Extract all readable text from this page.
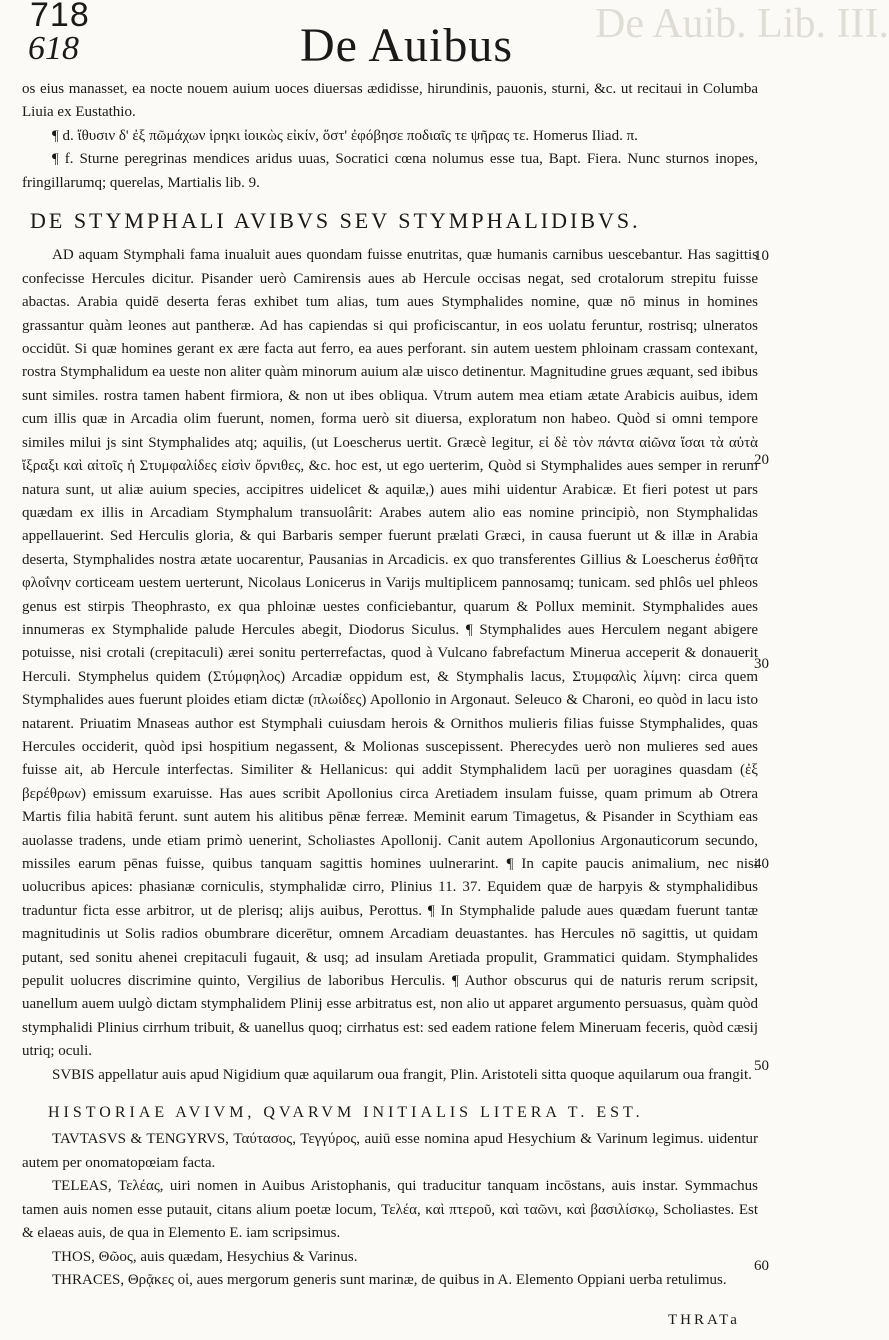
De Auib. Lib. III.
718
618	De Auibus

os eius manasset, ea nocte nouem auium uoces diuersas ædidisse, hirundinis, pauonis, sturni, &c. ut recitaui in Columba Liuia ex Eustathio.

¶ d. ἴθυσιν δ' ἐξ πῶμάχων ἰρηκι ἰοικὼς εἰκίν, ὅστ' ἐφόβησε ποδιαῖς τε ψῆρας τε. Homerus Iliad. π.

¶ f. Sturne peregrinas mendices aridus uuas, Socratici cœna nolumus esse tua, Bapt. Fiera. Nunc sturnos inopes, fringillarumq; querelas, Martialis lib. 9.

DE STYMPHALI AVIBVS SEV STYMPHALIDIBVS.

AD aquam Stymphali fama inualuit aues quondam fuisse enutritas, quæ humanis carnibus uescebantur. Has sagittis confecisse Hercules dicitur. Pisander uerò Camirensis aues ab Hercule occisas negat, sed crotalorum strepitu fuisse abactas. Arabia quidē deserta feras exhibet tum alias, tum aues Stymphalides nomine, quæ nō minus in homines grassantur quàm leones aut pantheræ. Ad has capiendas si qui proficiscantur, in eos uolatu feruntur, rostrisq; ulneratos occidūt. Si quæ homines gerant ex ære facta aut ferro, ea aues perforant. sin autem uestem phloinam crassam contexant, rostra Stymphalidum ea ueste non aliter quàm minorum auium alæ uisco detinentur. Magnitudine grues æquant, sed ibibus sunt similes. rostra tamen habent firmiora, & non ut ibes obliqua. Vtrum autem mea etiam ætate Arabicis auibus, idem cum illis quæ in Arcadia olim fuerunt, nomen, forma uerò sit diuersa, exploratum non habeo. Quòd si omni tempore similes milui js sint Stymphalides atq; aquilis, (ut Loescherus uertit. Græcè legitur, εἰ δὲ τὸν πάντα αἰῶνα ἴσαι τὰ αὐτὰ ἴξραξι καὶ αἰτοῖς ἡ Στυμφαλίδες εἰσὶν ὄρνιθες, &c. hoc est, ut ego uerterim, Quòd si Stymphalides aues semper in rerum natura sunt, ut aliæ auium species, accipitres uidelicet & aquilæ,) aues mihi uidentur Arabicæ. Et fieri potest ut pars quædam ex illis in Arcadiam Stymphalum transuolârit: Arabes autem alio eas nomine principiò, non Stymphalidas appellauerint. Sed Herculis gloria, & qui Barbaris semper fuerunt prælati Græci, in causa fuerunt ut & illæ in Arabia deserta, Stymphalides nostra ætate uocarentur, Pausanias in Arcadicis. ex quo transferentes Gillius & Loescherus ἐσθῆτα φλοΐνην corticeam uestem uerterunt, Nicolaus Lonicerus in Varijs multiplicem pannosamq; tunicam. sed phlôs uel phleos genus est stirpis Theophrasto, ex qua phloinæ uestes conficiebantur, quarum & Pollux meminit. Stymphalides aues innumeras ex Stymphalide palude Hercules abegit, Diodorus Siculus. ¶ Stymphalides aues Herculem negant abigere potuisse, nisi crotali (crepitaculi) ærei sonitu perterrefactas, quod à Vulcano fabrefactum Minerua acceperit & donauerit Herculi. Stymphelus quidem (Στύμφηλος) Arcadiæ oppidum est, & Stymphalis lacus, Στυμφαλὶς λίμνη: circa quem Stymphalides aues fuerunt ploides etiam dictæ (πλωίδες) Apollonio in Argonaut. Seleuco & Charoni, eo quòd in lacu isto natarent. Priuatim Mnaseas author est Stymphali cuiusdam herois & Ornithos mulieris filias fuisse Stymphalides, quas Hercules occiderit, quòd ipsi hospitium negassent, & Molionas suscepissent. Pherecydes uerò non mulieres sed aues fuisse ait, ab Hercule interfectas. Similiter & Hellanicus: qui addit Stymphalidem lacū per uoragines quasdam (ἐξ βερέθρων) emissum exaruisse. Has aues scribit Apollonius circa Aretiadem insulam fuisse, quam primum ab Otrera Martis filia habitā ferunt. sunt autem his alitibus pēnæ ferreæ. Meminit earum Timagetus, & Pisander in Scythiam eas auolasse tradens, unde etiam primò uenerint, Scholiastes Apollonij. Canit autem Apollonius Argonauticorum secundo, missiles earum pēnas fuisse, quibus tanquam sagittis homines uulnerarint. ¶ In capite paucis animalium, nec nisi uolucribus apices: phasianæ corniculis, stymphalidæ cirro, Plinius 11. 37. Equidem quæ de harpyis & stymphalidibus traduntur ficta esse arbitror, ut de plerisq; alijs auibus, Perottus. ¶ In Stymphalide palude aues quædam fuerunt tantæ magnitudinis ut Solis radios obumbrare dicerētur, omnem Arcadiam deuastantes. has Hercules nō sagittis, ut quidam putant, sed sonitu ahenei crepitaculi fugauit, & usq; ad insulam Aretiada propulit, Grammatici quidam. Stymphalides pepulit uolucres discrimine quinto, Vergilius de laboribus Herculis. ¶ Author obscurus qui de naturis rerum scripsit, uanellum auem uulgò dictam stymphalidem Plinij esse arbitratus est, non alio ut apparet argumento persuasus, quàm quòd stymphalidi Plinius cirrhum tribuit, & uanellus quoq; cirrhatus est: sed eadem ratione felem Mineruam feceris, quòd cæsij utriq; oculi.

SVBIS appellatur auis apud Nigidium quæ aquilarum oua frangit, Plin. Aristoteli sitta quoque aquilarum oua frangit.

HISTORIAE AVIVM, QVARVM INITIALIS LITERA T. EST.

TAVTASVS & TENGYRVS, Ταύτασος, Τεγγύρος, auiū esse nomina apud Hesychium & Varinum legimus. uidentur autem per onomatopœiam facta.

TELEAS, Τελέας, uiri nomen in Auibus Aristophanis, qui traducitur tanquam incōstans, auis instar. Symmachus tamen auis nomen esse putauit, citans alium poetæ locum, Τελέα, καὶ πτεροῦ, καὶ ταῶνι, καὶ βασιλίσκῳ, Scholiastes. Est & elaeas auis, de qua in Elemento E. iam scripsimus.

THOS, Θῶος, auis quædam, Hesychius & Varinus.

THRACES, Θρᾷκες οἱ, aues mergorum generis sunt marinæ, de quibus in A. Elemento Oppiani uerba retulimus.

10
20
30
40
50
60
THRATa
